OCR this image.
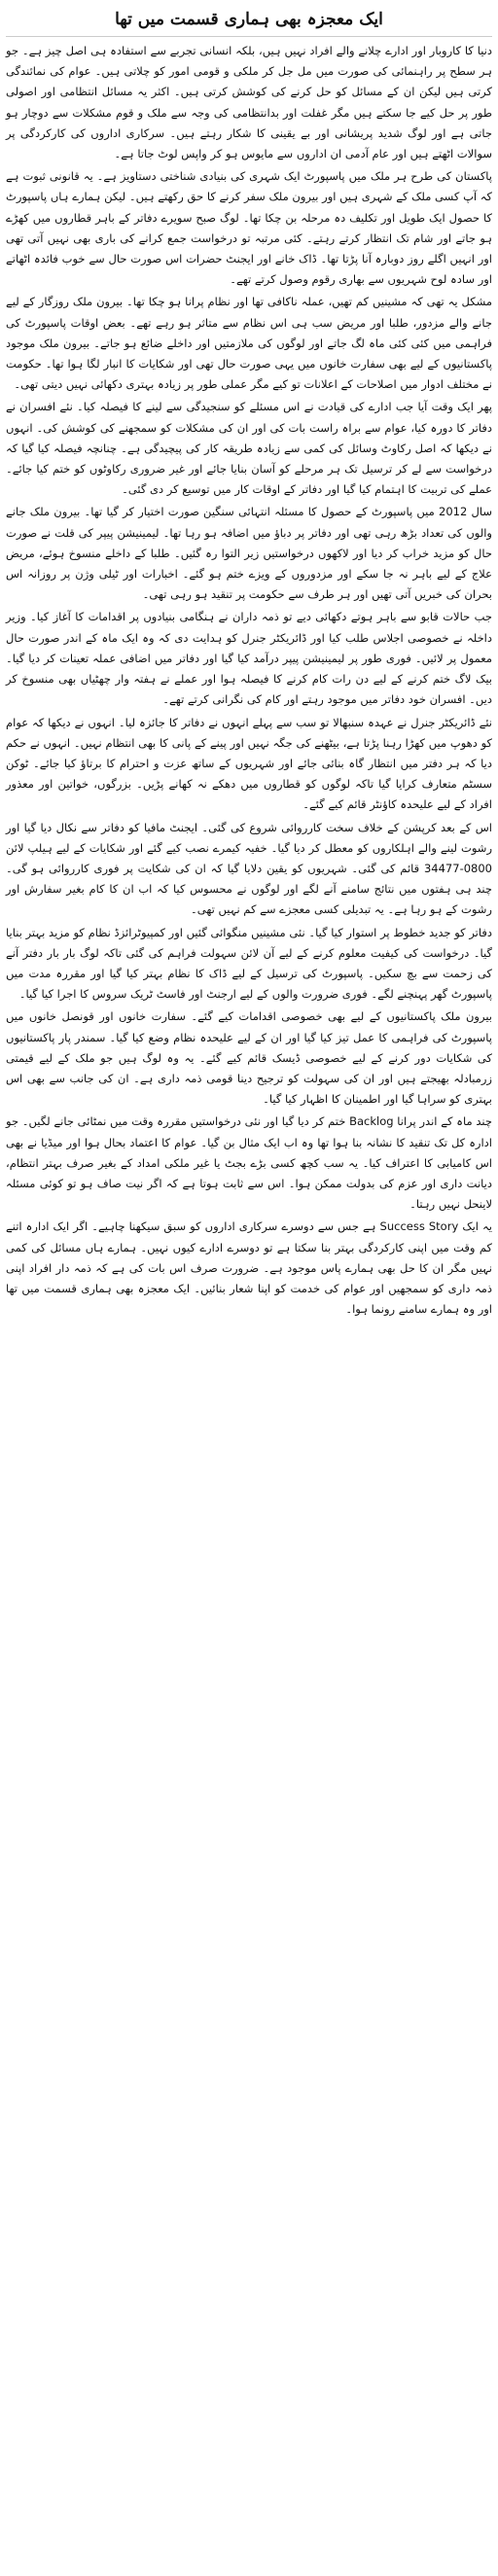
ایک معجزہ بھی ہماری قسمت میں تھا

دنیا کا کاروبار اور ادارے چلانے والے افراد نہیں ہیں، بلکہ انسانی تجربے سے استفادہ ہی اصل چیز ہے۔ جو ہر سطح پر راہنمائی کی صورت میں مل جل کر ملکی و قومی امور کو چلاتی ہیں۔ عوام کی نمائندگی کرتی ہیں لیکن ان کے مسائل کو حل کرنے کی کوشش کرتی ہیں۔ اکثر یہ مسائل انتظامی اور اصولی طور پر حل کیے جا سکتے ہیں مگر غفلت اور بدانتظامی کی وجہ سے ملک و قوم مشکلات سے دوچار ہو جاتی ہے اور لوگ شدید پریشانی اور بے یقینی کا شکار رہتے ہیں۔ سرکاری اداروں کی کارکردگی پر سوالات اٹھتے ہیں اور عام آدمی ان اداروں سے مایوس ہو کر واپس لوٹ جاتا ہے۔

پاکستان کی طرح ہر ملک میں پاسپورٹ ایک شہری کی بنیادی شناختی دستاویز ہے۔ یہ قانونی ثبوت ہے کہ آپ کسی ملک کے شہری ہیں اور بیرون ملک سفر کرنے کا حق رکھتے ہیں۔ لیکن ہمارے ہاں پاسپورٹ کا حصول ایک طویل اور تکلیف دہ مرحلہ بن چکا تھا۔ لوگ صبح سویرے دفاتر کے باہر قطاروں میں کھڑے ہو جاتے اور شام تک انتظار کرتے رہتے۔ کئی مرتبہ تو درخواست جمع کرانے کی باری بھی نہیں آتی تھی اور انہیں اگلے روز دوبارہ آنا پڑتا تھا۔ ڈاک خانے اور ایجنٹ حضرات اس صورت حال سے خوب فائدہ اٹھاتے اور سادہ لوح شہریوں سے بھاری رقوم وصول کرتے تھے۔

مشکل یہ تھی کہ مشینیں کم تھیں، عملہ ناکافی تھا اور نظام پرانا ہو چکا تھا۔ بیرون ملک روزگار کے لیے جانے والے مزدور، طلبا اور مریض سب ہی اس نظام سے متاثر ہو رہے تھے۔ بعض اوقات پاسپورٹ کی فراہمی میں کئی کئی ماہ لگ جاتے اور لوگوں کی ملازمتیں اور داخلے ضائع ہو جاتے۔ بیرون ملک موجود پاکستانیوں کے لیے بھی سفارت خانوں میں یہی صورت حال تھی اور شکایات کا انبار لگا ہوا تھا۔ حکومت نے مختلف ادوار میں اصلاحات کے اعلانات تو کیے مگر عملی طور پر زیادہ بہتری دکھائی نہیں دیتی تھی۔

پھر ایک وقت آیا جب ادارے کی قیادت نے اس مسئلے کو سنجیدگی سے لینے کا فیصلہ کیا۔ نئے افسران نے دفاتر کا دورہ کیا، عوام سے براہ راست بات کی اور ان کی مشکلات کو سمجھنے کی کوشش کی۔ انہوں نے دیکھا کہ اصل رکاوٹ وسائل کی کمی سے زیادہ طریقہ کار کی پیچیدگی ہے۔ چنانچہ فیصلہ کیا گیا کہ درخواست سے لے کر ترسیل تک ہر مرحلے کو آسان بنایا جائے اور غیر ضروری رکاوٹوں کو ختم کیا جائے۔ عملے کی تربیت کا اہتمام کیا گیا اور دفاتر کے اوقات کار میں توسیع کر دی گئی۔

سال 2012 میں پاسپورٹ کے حصول کا مسئلہ انتہائی سنگین صورت اختیار کر گیا تھا۔ بیرون ملک جانے والوں کی تعداد بڑھ رہی تھی اور دفاتر پر دباؤ میں اضافہ ہو رہا تھا۔ لیمینیشن پیپر کی قلت نے صورت حال کو مزید خراب کر دیا اور لاکھوں درخواستیں زیر التوا رہ گئیں۔ طلبا کے داخلے منسوخ ہوئے، مریض علاج کے لیے باہر نہ جا سکے اور مزدوروں کے ویزے ختم ہو گئے۔ اخبارات اور ٹیلی وژن پر روزانہ اس بحران کی خبریں آتی تھیں اور ہر طرف سے حکومت پر تنقید ہو رہی تھی۔

جب حالات قابو سے باہر ہوتے دکھائی دیے تو ذمہ داران نے ہنگامی بنیادوں پر اقدامات کا آغاز کیا۔ وزیر داخلہ نے خصوصی اجلاس طلب کیا اور ڈائریکٹر جنرل کو ہدایت دی کہ وہ ایک ماہ کے اندر صورت حال معمول پر لائیں۔ فوری طور پر لیمینیشن پیپر درآمد کیا گیا اور دفاتر میں اضافی عملہ تعینات کر دیا گیا۔ بیک لاگ ختم کرنے کے لیے دن رات کام کرنے کا فیصلہ ہوا اور عملے نے ہفتہ وار چھٹیاں بھی منسوخ کر دیں۔ افسران خود دفاتر میں موجود رہتے اور کام کی نگرانی کرتے تھے۔

نئے ڈائریکٹر جنرل نے عہدہ سنبھالا تو سب سے پہلے انہوں نے دفاتر کا جائزہ لیا۔ انہوں نے دیکھا کہ عوام کو دھوپ میں کھڑا رہنا پڑتا ہے، بیٹھنے کی جگہ نہیں اور پینے کے پانی کا بھی انتظام نہیں۔ انہوں نے حکم دیا کہ ہر دفتر میں انتظار گاہ بنائی جائے اور شہریوں کے ساتھ عزت و احترام کا برتاؤ کیا جائے۔ ٹوکن سسٹم متعارف کرایا گیا تاکہ لوگوں کو قطاروں میں دھکے نہ کھانے پڑیں۔ بزرگوں، خواتین اور معذور افراد کے لیے علیحدہ کاؤنٹر قائم کیے گئے۔

اس کے بعد کرپشن کے خلاف سخت کارروائی شروع کی گئی۔ ایجنٹ مافیا کو دفاتر سے نکال دیا گیا اور رشوت لینے والے اہلکاروں کو معطل کر دیا گیا۔ خفیہ کیمرے نصب کیے گئے اور شکایات کے لیے ہیلپ لائن 0800-34477 قائم کی گئی۔ شہریوں کو یقین دلایا گیا کہ ان کی شکایت پر فوری کارروائی ہو گی۔ چند ہی ہفتوں میں نتائج سامنے آنے لگے اور لوگوں نے محسوس کیا کہ اب ان کا کام بغیر سفارش اور رشوت کے ہو رہا ہے۔ یہ تبدیلی کسی معجزے سے کم نہیں تھی۔

دفاتر کو جدید خطوط پر استوار کیا گیا۔ نئی مشینیں منگوائی گئیں اور کمپیوٹرائزڈ نظام کو مزید بہتر بنایا گیا۔ درخواست کی کیفیت معلوم کرنے کے لیے آن لائن سہولت فراہم کی گئی تاکہ لوگ بار بار دفتر آنے کی زحمت سے بچ سکیں۔ پاسپورٹ کی ترسیل کے لیے ڈاک کا نظام بہتر کیا گیا اور مقررہ مدت میں پاسپورٹ گھر پہنچنے لگے۔ فوری ضرورت والوں کے لیے ارجنٹ اور فاسٹ ٹریک سروس کا اجرا کیا گیا۔

بیرون ملک پاکستانیوں کے لیے بھی خصوصی اقدامات کیے گئے۔ سفارت خانوں اور قونصل خانوں میں پاسپورٹ کی فراہمی کا عمل تیز کیا گیا اور ان کے لیے علیحدہ نظام وضع کیا گیا۔ سمندر پار پاکستانیوں کی شکایات دور کرنے کے لیے خصوصی ڈیسک قائم کیے گئے۔ یہ وہ لوگ ہیں جو ملک کے لیے قیمتی زرمبادلہ بھیجتے ہیں اور ان کی سہولت کو ترجیح دینا قومی ذمہ داری ہے۔ ان کی جانب سے بھی اس بہتری کو سراہا گیا اور اطمینان کا اظہار کیا گیا۔

چند ماہ کے اندر پرانا Backlog ختم کر دیا گیا اور نئی درخواستیں مقررہ وقت میں نمٹائی جانے لگیں۔ جو ادارہ کل تک تنقید کا نشانہ بنا ہوا تھا وہ اب ایک مثال بن گیا۔ عوام کا اعتماد بحال ہوا اور میڈیا نے بھی اس کامیابی کا اعتراف کیا۔ یہ سب کچھ کسی بڑے بجٹ یا غیر ملکی امداد کے بغیر صرف بہتر انتظام، دیانت داری اور عزم کی بدولت ممکن ہوا۔ اس سے ثابت ہوتا ہے کہ اگر نیت صاف ہو تو کوئی مسئلہ لاینحل نہیں رہتا۔

یہ ایک Success Story ہے جس سے دوسرے سرکاری اداروں کو سبق سیکھنا چاہیے۔ اگر ایک ادارہ اتنے کم وقت میں اپنی کارکردگی بہتر بنا سکتا ہے تو دوسرے ادارے کیوں نہیں۔ ہمارے ہاں مسائل کی کمی نہیں مگر ان کا حل بھی ہمارے پاس موجود ہے۔ ضرورت صرف اس بات کی ہے کہ ذمہ دار افراد اپنی ذمہ داری کو سمجھیں اور عوام کی خدمت کو اپنا شعار بنائیں۔ ایک معجزہ بھی ہماری قسمت میں تھا اور وہ ہمارے سامنے رونما ہوا۔
